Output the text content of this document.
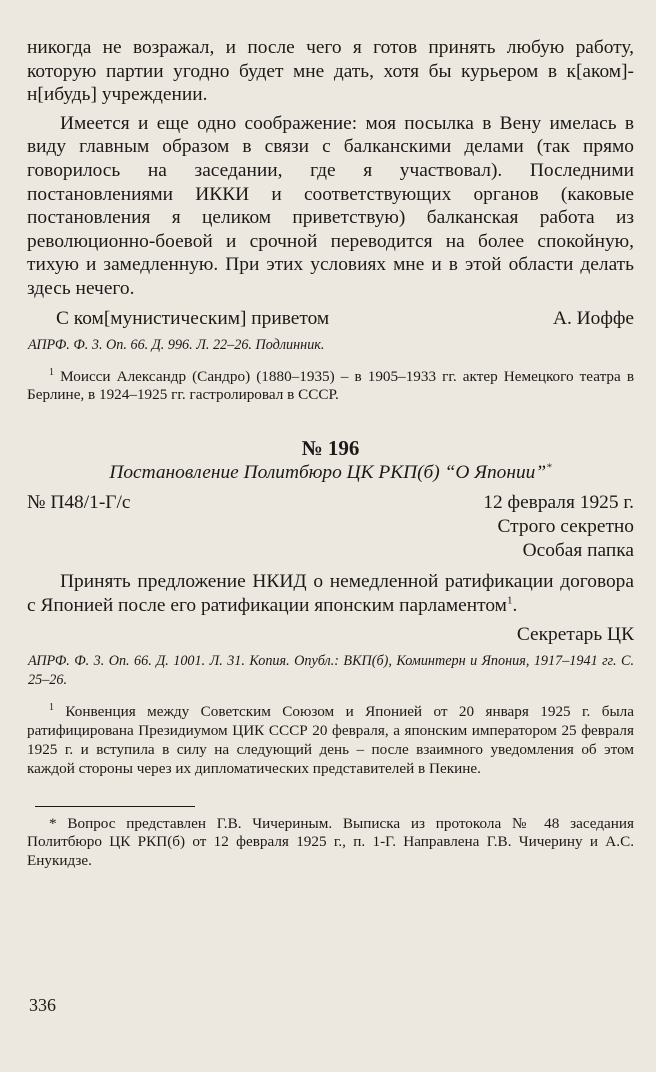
никогда не возражал, и после чего я готов принять любую работу, которую партии угодно будет мне дать, хотя бы курьером в к[аком]-н[ибудь] учреждении.

Имеется и еще одно соображение: моя посылка в Вену имелась в виду главным образом в связи с балканскими делами (так прямо говорилось на заседании, где я участвовал). Последними постановлениями ИККИ и соответствующих органов (каковые постановления я целиком приветствую) балканская работа из революционно-боевой и срочной переводится на более спокойную, тихую и замедленную. При этих условиях мне и в этой области делать здесь нечего.

С ком[мунистическим] приветом	А. Иоффе

АПРФ. Ф. 3. Оп. 66. Д. 996. Л. 22–26. Подлинник.

$^1$ Моисси Александр (Сандро) (1880–1935) – в 1905–1933 гг. актер Немецкого театра в Берлине, в 1924–1925 гг. гастролировал в СССР.

№ 196
Постановление Политбюро ЦК РКП(б) “О Японии”*
№ П48/1-Г/с	12 февраля 1925 г.
Строго секретно
Особая папка

Принять предложение НКИД о немедленной ратификации договора с Японией после его ратификации японским парламентом$^1$.

Секретарь ЦК

АПРФ. Ф. 3. Оп. 66. Д. 1001. Л. 31. Копия. Опубл.: ВКП(б), Коминтерн и Япония, 1917–1941 гг. С. 25–26.

$^1$ Конвенция между Советским Союзом и Японией от 20 января 1925 г. была ратифицирована Президиумом ЦИК СССР 20 февраля, а японским императором 25 февраля 1925 г. и вступила в силу на следующий день – после взаимного уведомления об этом каждой стороны через их дипломатических представителей в Пекине.

* Вопрос представлен Г.В. Чичериным. Выписка из протокола № 48 заседания Политбюро ЦК РКП(б) от 12 февраля 1925 г., п. 1-Г. Направлена Г.В. Чичерину и А.С. Енукидзе.

336
